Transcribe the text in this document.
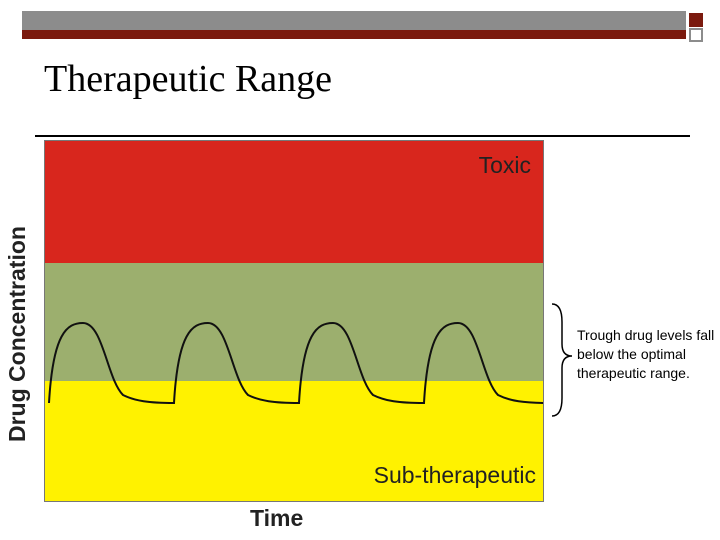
Therapeutic Range
Toxic
Sub-therapeutic
Drug Concentration
Time
Trough drug levels fall below the optimal therapeutic range.
